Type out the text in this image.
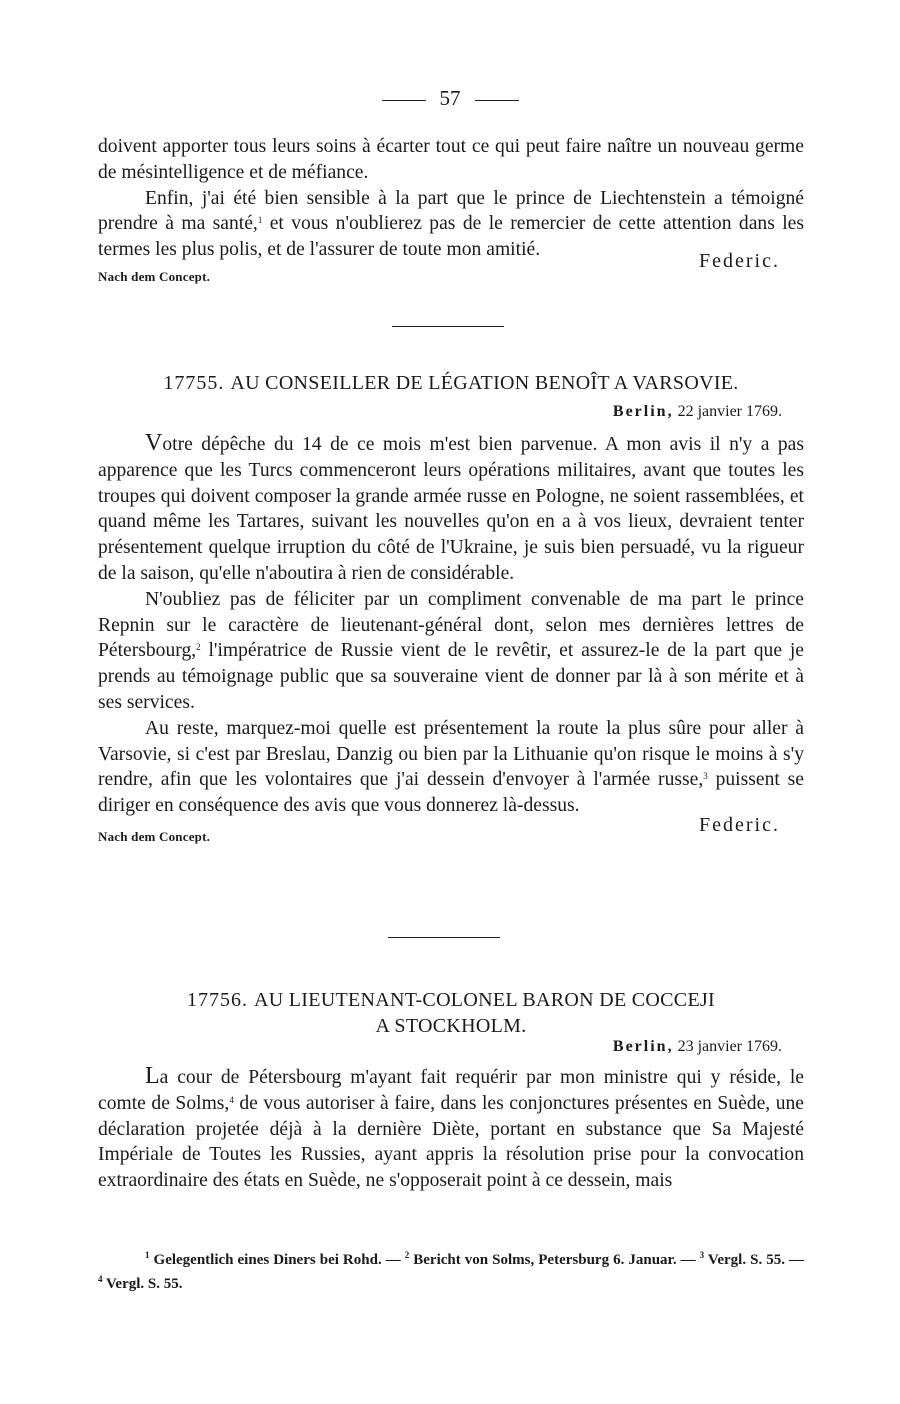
57

doivent apporter tous leurs soins à écarter tout ce qui peut faire naître un nouveau germe de mésintelligence et de méfiance.

Enfin, j'ai été bien sensible à la part que le prince de Liechtenstein a témoigné prendre à ma santé,$^1$ et vous n'oublierez pas de le remercier de cette attention dans les termes les plus polis, et de l'assurer de toute mon amitié.

Nach dem Concept.
Federic.
17755. AU CONSEILLER DE LÉGATION BENOÎT A VARSOVIE.
Berlin, 22 janvier 1769.

Votre dépêche du 14 de ce mois m'est bien parvenue. A mon avis il n'y a pas apparence que les Turcs commenceront leurs opérations militaires, avant que toutes les troupes qui doivent composer la grande armée russe en Pologne, ne soient rassemblées, et quand même les Tartares, suivant les nouvelles qu'on en a à vos lieux, devraient tenter présentement quelque irruption du côté de l'Ukraine, je suis bien persuadé, vu la rigueur de la saison, qu'elle n'aboutira à rien de considérable.

N'oubliez pas de féliciter par un compliment convenable de ma part le prince Repnin sur le caractère de lieutenant-général dont, selon mes dernières lettres de Pétersbourg,$^2$ l'impératrice de Russie vient de le revêtir, et assurez-le de la part que je prends au témoignage public que sa souveraine vient de donner par là à son mérite et à ses services.

Au reste, marquez-moi quelle est présentement la route la plus sûre pour aller à Varsovie, si c'est par Breslau, Danzig ou bien par la Lithuanie qu'on risque le moins à s'y rendre, afin que les volontaires que j'ai dessein d'envoyer à l'armée russe,$^3$ puissent se diriger en conséquence des avis que vous donnerez là-dessus.

Nach dem Concept.
Federic.
17756. AU LIEUTENANT-COLONEL BARON DE COCCEJI
A STOCKHOLM.
Berlin, 23 janvier 1769.

La cour de Pétersbourg m'ayant fait requérir par mon ministre qui y réside, le comte de Solms,$^4$ de vous autoriser à faire, dans les conjonctures présentes en Suède, une déclaration projetée déjà à la dernière Diète, portant en substance que Sa Majesté Impériale de Toutes les Russies, ayant appris la résolution prise pour la convocation extraordinaire des états en Suède, ne s'opposerait point à ce dessein, mais

$^1$ Gelegentlich eines Diners bei Rohd. — $^2$ Bericht von Solms, Petersburg 6. Januar. — $^3$ Vergl. S. 55. — $^4$ Vergl. S. 55.
